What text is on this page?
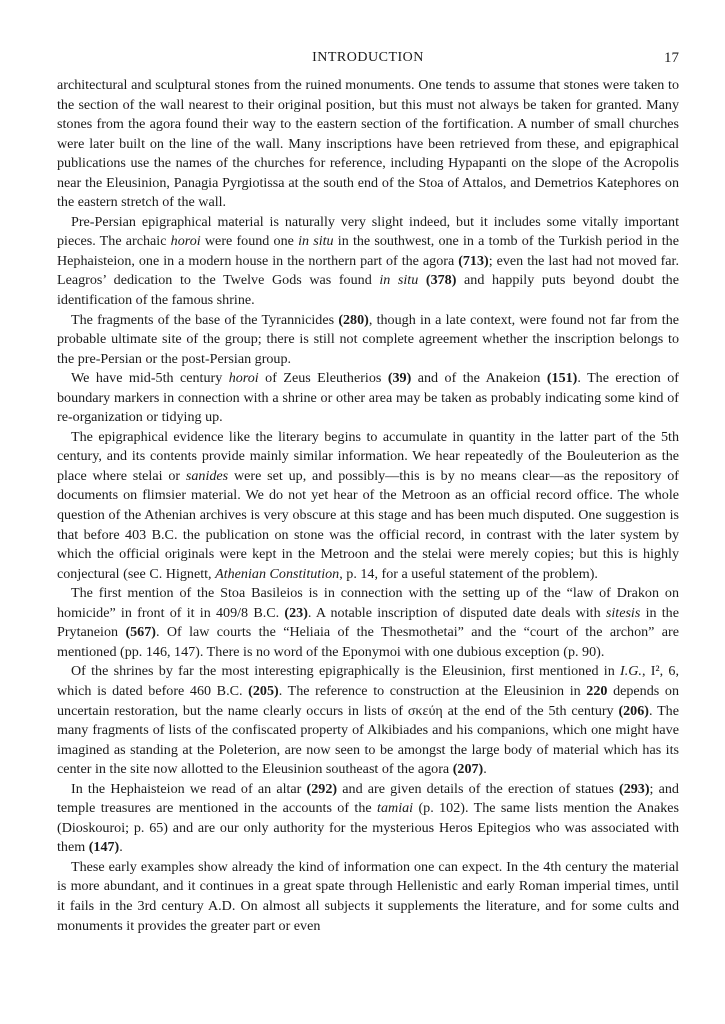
INTRODUCTION	17

architectural and sculptural stones from the ruined monuments. One tends to assume that stones were taken to the section of the wall nearest to their original position, but this must not always be taken for granted. Many stones from the agora found their way to the eastern section of the fortification. A number of small churches were later built on the line of the wall. Many inscriptions have been retrieved from these, and epigraphical publications use the names of the churches for reference, including Hypapanti on the slope of the Acropolis near the Eleusinion, Panagia Pyrgiotissa at the south end of the Stoa of Attalos, and Demetrios Katephores on the eastern stretch of the wall.

Pre-Persian epigraphical material is naturally very slight indeed, but it includes some vitally important pieces. The archaic horoi were found one in situ in the southwest, one in a tomb of the Turkish period in the Hephaisteion, one in a modern house in the northern part of the agora (713); even the last had not moved far. Leagros’ dedication to the Twelve Gods was found in situ (378) and happily puts beyond doubt the identification of the famous shrine.

The fragments of the base of the Tyrannicides (280), though in a late context, were found not far from the probable ultimate site of the group; there is still not complete agreement whether the inscription belongs to the pre-Persian or the post-Persian group.

We have mid-5th century horoi of Zeus Eleutherios (39) and of the Anakeion (151). The erection of boundary markers in connection with a shrine or other area may be taken as probably indicating some kind of re-organization or tidying up.

The epigraphical evidence like the literary begins to accumulate in quantity in the latter part of the 5th century, and its contents provide mainly similar information. We hear repeatedly of the Bouleuterion as the place where stelai or sanides were set up, and possibly—this is by no means clear—as the repository of documents on flimsier material. We do not yet hear of the Metroon as an official record office. The whole question of the Athenian archives is very obscure at this stage and has been much disputed. One suggestion is that before 403 B.C. the publication on stone was the official record, in contrast with the later system by which the official originals were kept in the Metroon and the stelai were merely copies; but this is highly conjectural (see C. Hignett, Athenian Constitution, p. 14, for a useful statement of the problem).

The first mention of the Stoa Basileios is in connection with the setting up of the “law of Drakon on homicide” in front of it in 409/8 B.C. (23). A notable inscription of disputed date deals with sitesis in the Prytaneion (567). Of law courts the “Heliaia of the Thesmothetai” and the “court of the archon” are mentioned (pp. 146, 147). There is no word of the Eponymoi with one dubious exception (p. 90).

Of the shrines by far the most interesting epigraphically is the Eleusinion, first mentioned in I.G., I², 6, which is dated before 460 B.C. (205). The reference to construction at the Eleusinion in 220 depends on uncertain restoration, but the name clearly occurs in lists of σκεύη at the end of the 5th century (206). The many fragments of lists of the confiscated property of Alkibiades and his companions, which one might have imagined as standing at the Poleterion, are now seen to be amongst the large body of material which has its center in the site now allotted to the Eleusinion southeast of the agora (207).

In the Hephaisteion we read of an altar (292) and are given details of the erection of statues (293); and temple treasures are mentioned in the accounts of the tamiai (p. 102). The same lists mention the Anakes (Dioskouroi; p. 65) and are our only authority for the mysterious Heros Epitegios who was associated with them (147).

These early examples show already the kind of information one can expect. In the 4th century the material is more abundant, and it continues in a great spate through Hellenistic and early Roman imperial times, until it fails in the 3rd century A.D. On almost all subjects it supplements the literature, and for some cults and monuments it provides the greater part or even
